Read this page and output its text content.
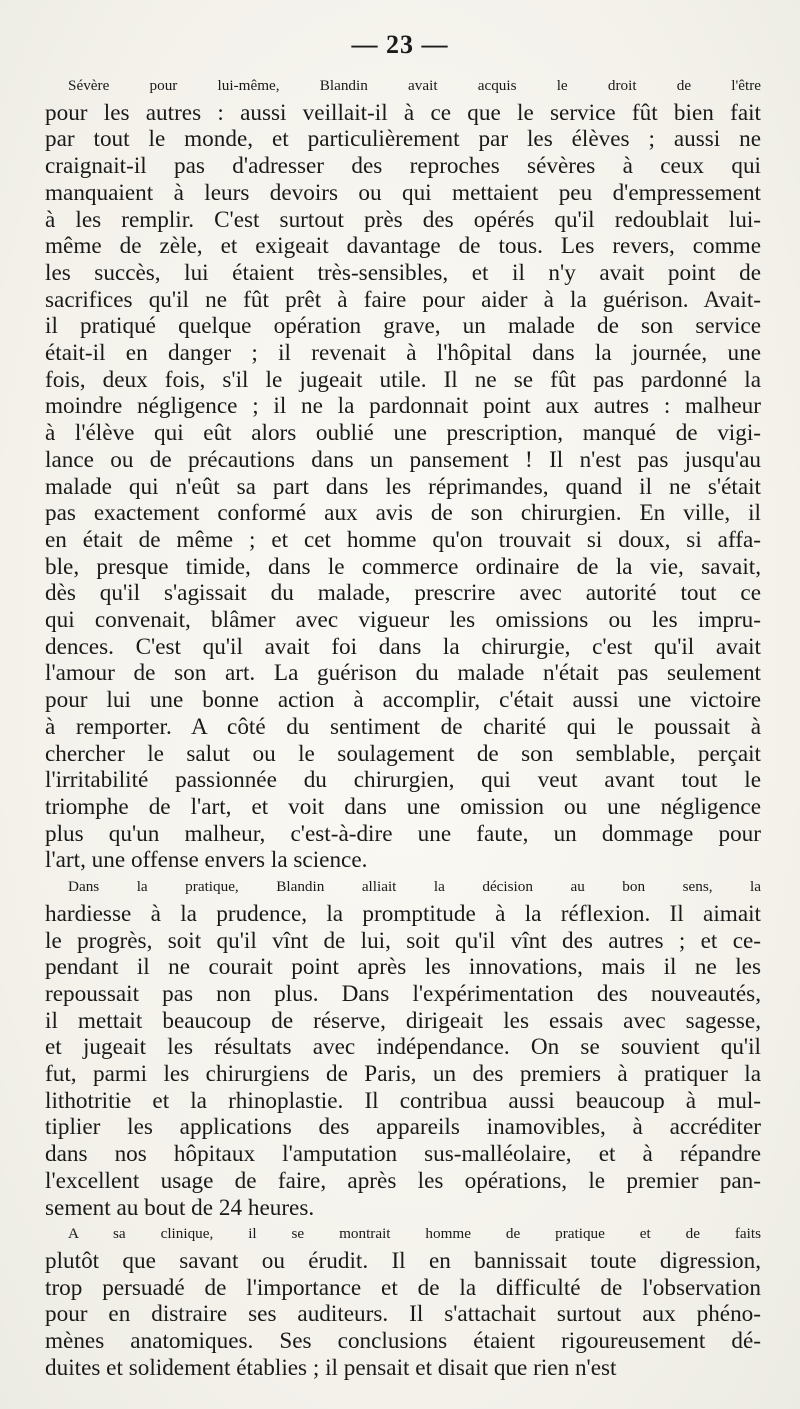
— 23 —
Sévère pour lui-même, Blandin avait acquis le droit de l'être
pour les autres : aussi veillait-il à ce que le service fût bien fait
par tout le monde, et particulièrement par les élèves ; aussi ne
craignait-il pas d'adresser des reproches sévères à ceux qui
manquaient à leurs devoirs ou qui mettaient peu d'empressement
à les remplir. C'est surtout près des opérés qu'il redoublait lui-
même de zèle, et exigeait davantage de tous. Les revers, comme
les succès, lui étaient très-sensibles, et il n'y avait point de
sacrifices qu'il ne fût prêt à faire pour aider à la guérison. Avait-
il pratiqué quelque opération grave, un malade de son service
était-il en danger ; il revenait à l'hôpital dans la journée, une
fois, deux fois, s'il le jugeait utile. Il ne se fût pas pardonné la
moindre négligence ; il ne la pardonnait point aux autres : malheur
à l'élève qui eût alors oublié une prescription, manqué de vigi-
lance ou de précautions dans un pansement ! Il n'est pas jusqu'au
malade qui n'eût sa part dans les réprimandes, quand il ne s'était
pas exactement conformé aux avis de son chirurgien. En ville, il
en était de même ; et cet homme qu'on trouvait si doux, si affa-
ble, presque timide, dans le commerce ordinaire de la vie, savait,
dès qu'il s'agissait du malade, prescrire avec autorité tout ce
qui convenait, blâmer avec vigueur les omissions ou les impru-
dences. C'est qu'il avait foi dans la chirurgie, c'est qu'il avait
l'amour de son art. La guérison du malade n'était pas seulement
pour lui une bonne action à accomplir, c'était aussi une victoire
à remporter. A côté du sentiment de charité qui le poussait à
chercher le salut ou le soulagement de son semblable, perçait
l'irritabilité passionnée du chirurgien, qui veut avant tout le
triomphe de l'art, et voit dans une omission ou une négligence
plus qu'un malheur, c'est-à-dire une faute, un dommage pour
l'art, une offense envers la science.
Dans la pratique, Blandin alliait la décision au bon sens, la
hardiesse à la prudence, la promptitude à la réflexion. Il aimait
le progrès, soit qu'il vînt de lui, soit qu'il vînt des autres ; et ce-
pendant il ne courait point après les innovations, mais il ne les
repoussait pas non plus. Dans l'expérimentation des nouveautés,
il mettait beaucoup de réserve, dirigeait les essais avec sagesse,
et jugeait les résultats avec indépendance. On se souvient qu'il
fut, parmi les chirurgiens de Paris, un des premiers à pratiquer la
lithotritie et la rhinoplastie. Il contribua aussi beaucoup à mul-
tiplier les applications des appareils inamovibles, à accréditer
dans nos hôpitaux l'amputation sus-malléolaire, et à répandre
l'excellent usage de faire, après les opérations, le premier pan-
sement au bout de 24 heures.
A sa clinique, il se montrait homme de pratique et de faits
plutôt que savant ou érudit. Il en bannissait toute digression,
trop persuadé de l'importance et de la difficulté de l'observation
pour en distraire ses auditeurs. Il s'attachait surtout aux phéno-
mènes anatomiques. Ses conclusions étaient rigoureusement dé-
duites et solidement établies ; il pensait et disait que rien n'est
